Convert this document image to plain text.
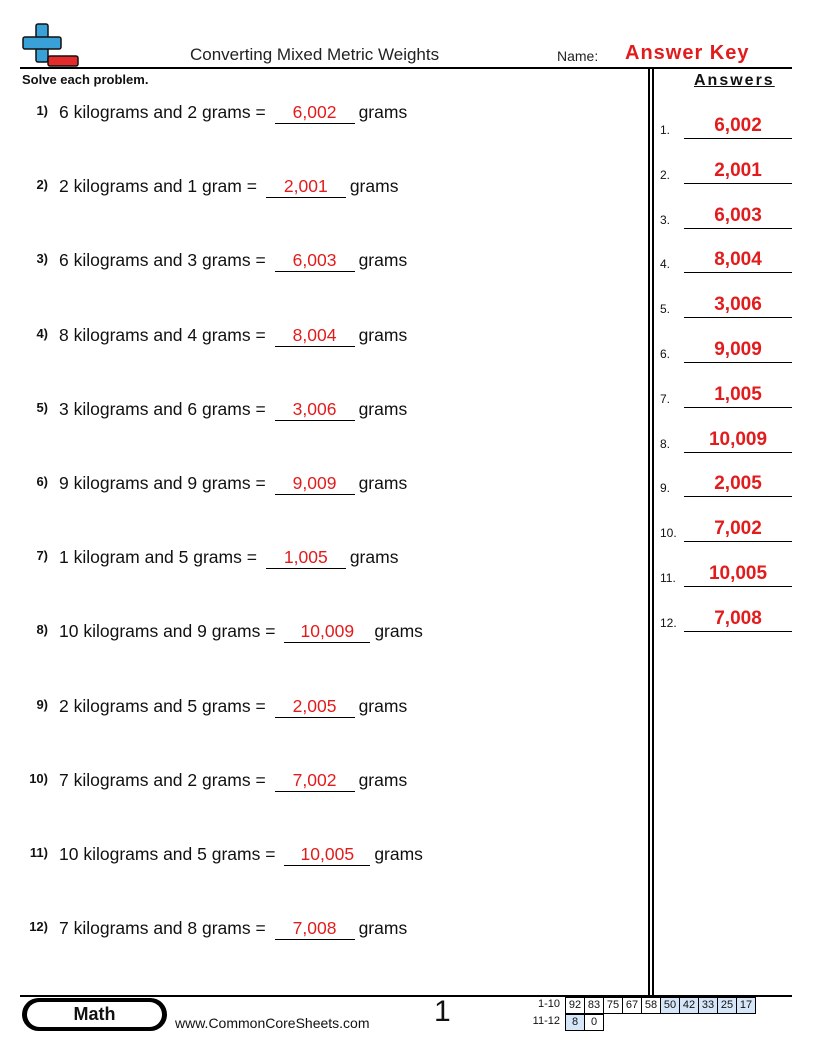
Converting Mixed Metric Weights	Name: Answer Key
Solve each problem.
1) 6 kilograms and 2 grams = 6,002 grams
2) 2 kilograms and 1 gram = 2,001 grams
3) 6 kilograms and 3 grams = 6,003 grams
4) 8 kilograms and 4 grams = 8,004 grams
5) 3 kilograms and 6 grams = 3,006 grams
6) 9 kilograms and 9 grams = 9,009 grams
7) 1 kilogram and 5 grams = 1,005 grams
8) 10 kilograms and 9 grams = 10,009 grams
9) 2 kilograms and 5 grams = 2,005 grams
10) 7 kilograms and 2 grams = 7,002 grams
11) 10 kilograms and 5 grams = 10,005 grams
12) 7 kilograms and 8 grams = 7,008 grams
Answers
1.	6,002
2.	2,001
3.	6,003
4.	8,004
5.	3,006
6.	9,009
7.	1,005
8.	10,009
9.	2,005
10.	7,002
11.	10,005
12.	7,008
Math	www.CommonCoreSheets.com 1	1-10 92 83 75 67 58 50 42 33 25 17
11-12	8	0
